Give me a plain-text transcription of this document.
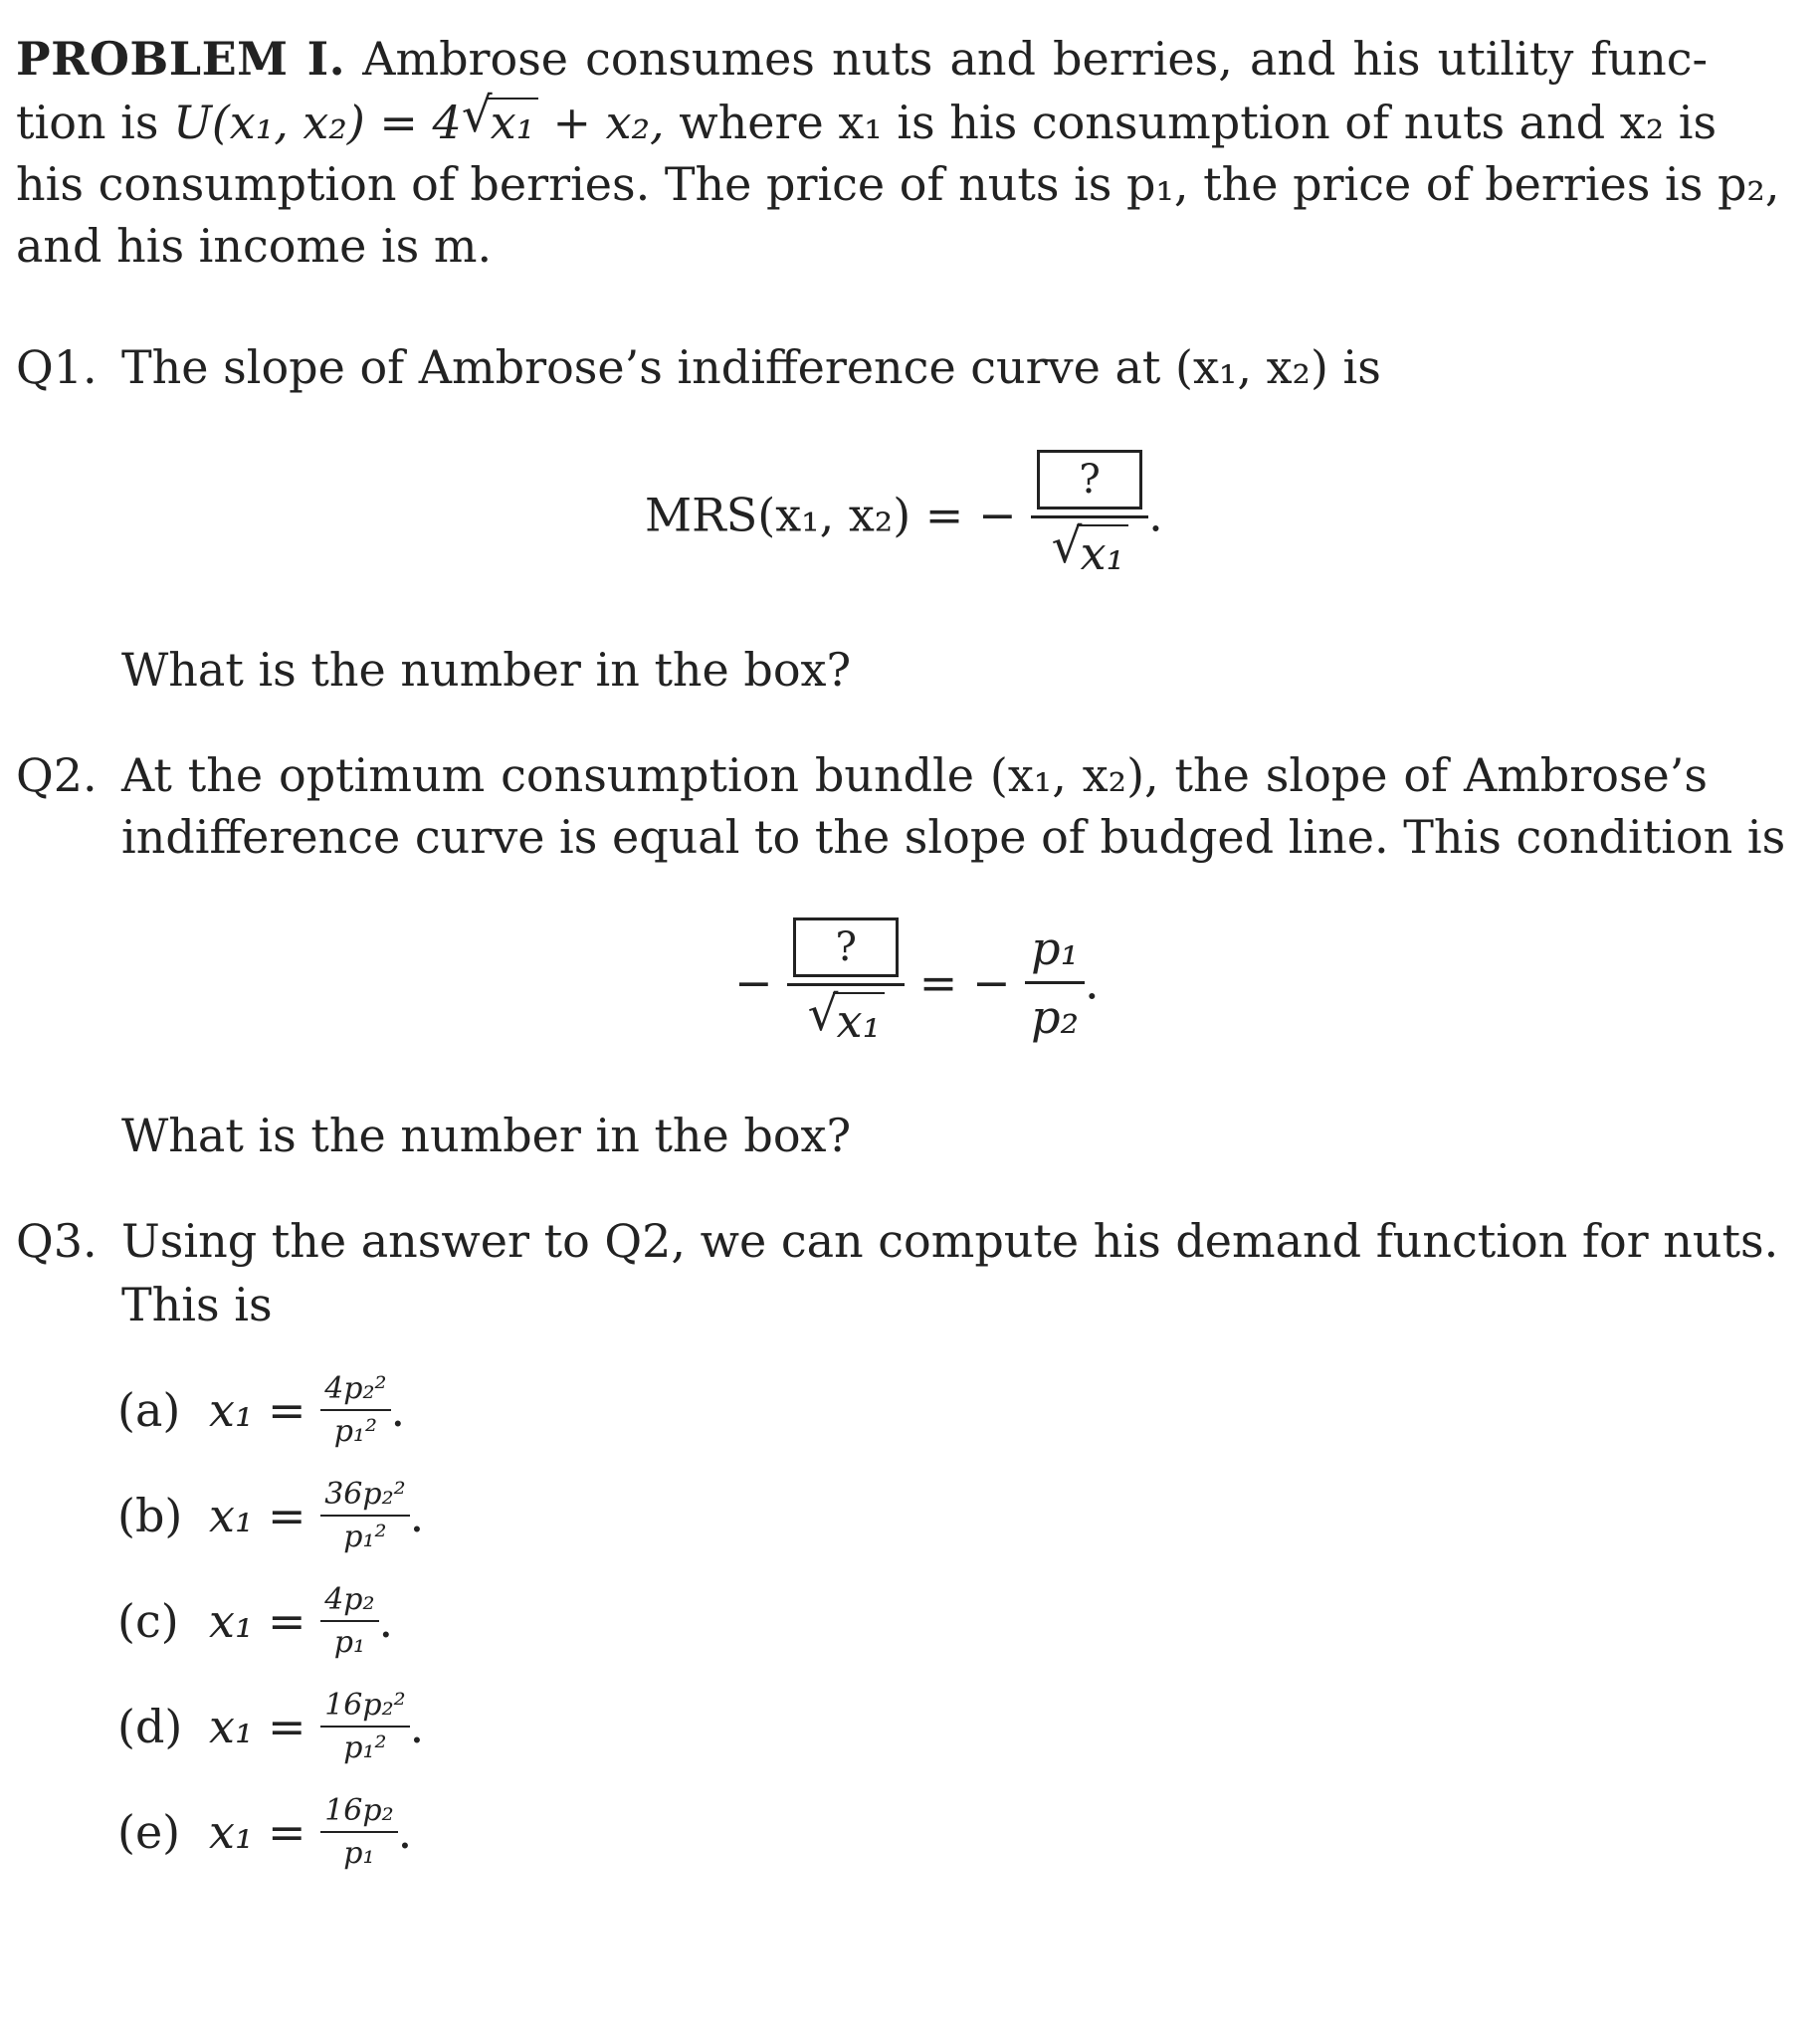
PROBLEM I. Ambrose consumes nuts and berries, and his utility func-
tion is U(x₁, x₂) = 4 √
x₁ + x₂, where x₁ is his consumption of nuts and x₂ is
his consumption of berries. The price of nuts is p₁, the price of berries is p₂,
and his income is m.
Q1. The slope of Ambrose’s indifference curve at (x₁, x₂) is
MRS(x₁, x₂) = − ?
√
x₁ .
What is the number in the box?
Q2. At the optimum consumption bundle (x₁, x₂), the slope of Ambrose’s
indifference curve is equal to the slope of budged line. This condition is
− ?
√
x₁ = − $\frac{\text{p₁}}{\text{p₂}}$ .
What is the number in the box?
Q3. Using the answer to Q2, we can compute his demand function for nuts.
This is
(a) $x_1 = \frac{\text{4p₂²}}{\text{p₁²}}$ .
(b) $x_1 = \frac{\text{36p₂²}}{\text{p₁²}}$ .
(c) $x_1 = \frac{\text{4p₂}}{\text{p₁}}$ .
(d) $x_1 = \frac{\text{16p₂²}}{\text{p₁²}}$ .
(e) $x_1 = \frac{\text{16p₂}}{\text{p₁}}$ .
